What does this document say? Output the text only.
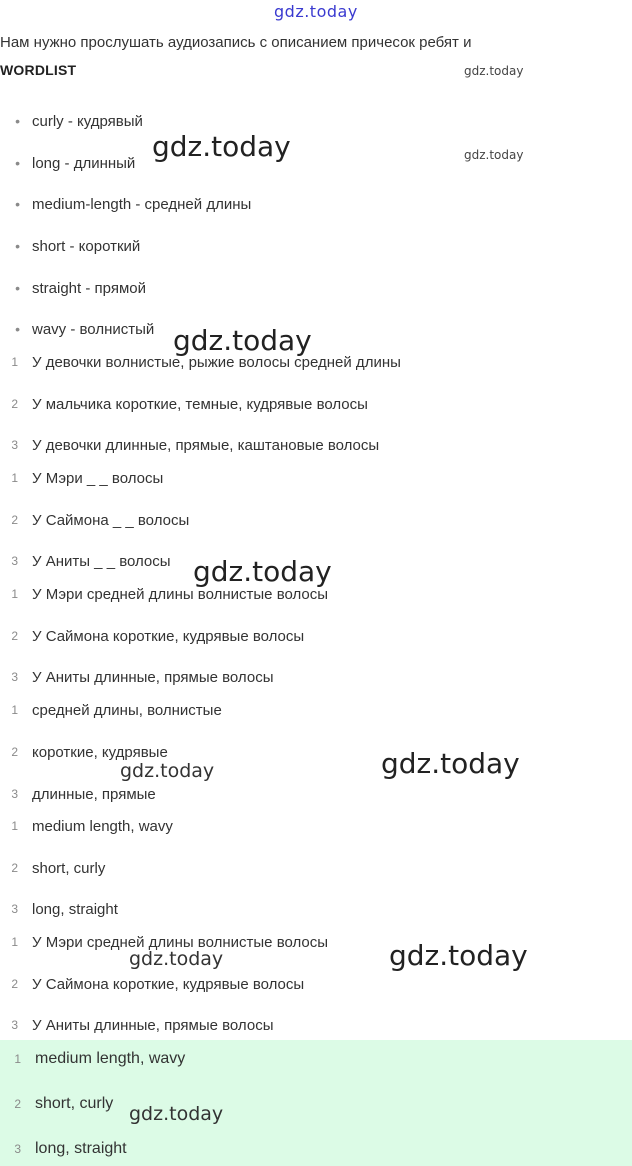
gdz.today
Нам нужно прослушать аудиозапись с описанием причесок ребят и
WORDLIST	gdz.today
• curly - кудрявый
• long - длинный gdz.today	gdz.today
• medium-length - средней длины
• short - короткий
• straight - прямой
• wavy - волнистый gdz.today
1 У девочки волнистые, рыжие волосы средней длины
2 У мальчика короткие, темные, кудрявые волосы
3 У девочки длинные, прямые, каштановые волосы
1 У Мэри _ _ волосы
2 У Саймона _ _ волосы
3 У Аниты _ _ волосы gdz.today
1 У Мэри средней длины волнистые волосы
2 У Саймона короткие, кудрявые волосы
3 У Аниты длинные, прямые волосы
1 средней длины, волнистые
2 короткие, кудрявые
gdz.today	gdz.today
3 длинные, прямые
1 medium length, wavy
2 short, curly
3 long, straight
1 У Мэри средней длины волнистые волосы
gdz.today	gdz.today
2 У Саймона короткие, кудрявые волосы
3 У Аниты длинные, прямые волосы
1 medium length, wavy
2 short, curly gdz.today
3 long, straight
